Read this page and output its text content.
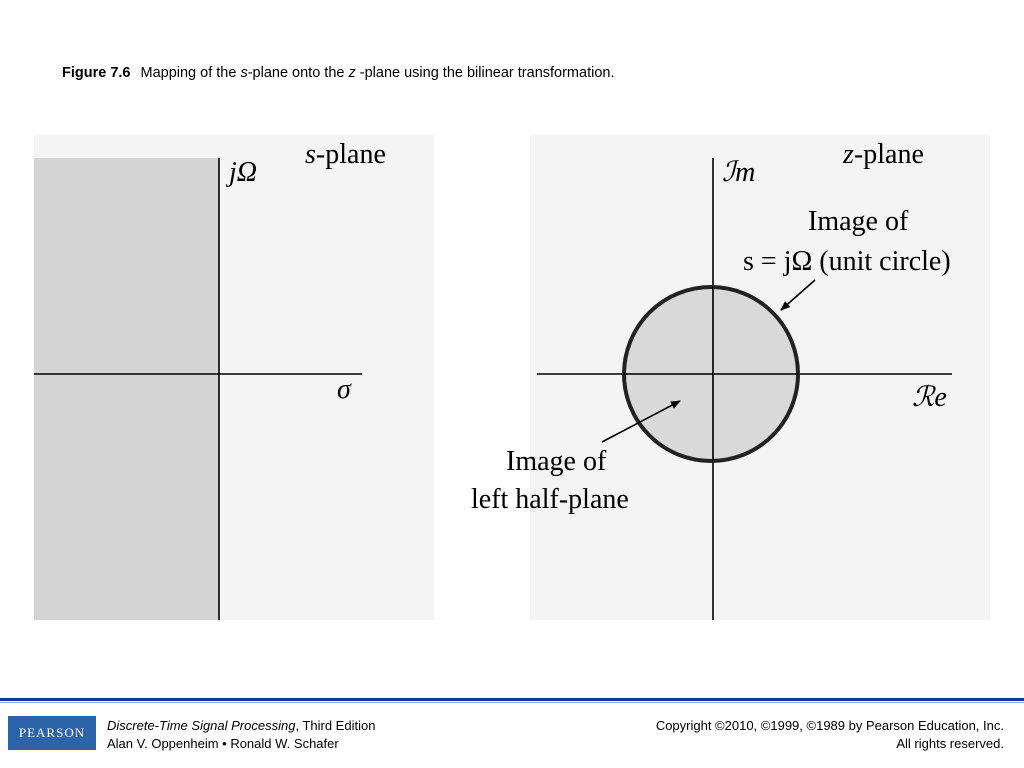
Figure 7.6 Mapping of the s-plane onto the z -plane using the bilinear transformation.
s-plane
jΩ
σ
z-plane
ℐm
ℛe
Image of
s = jΩ (unit circle)
Image of
left half-plane
PEARSON	Discrete-Time Signal Processing, Third Edition
Alan V. Oppenheim • Ronald W. Schafer
Copyright ©2010, ©1999, ©1989 by Pearson Education, Inc.
All rights reserved.
